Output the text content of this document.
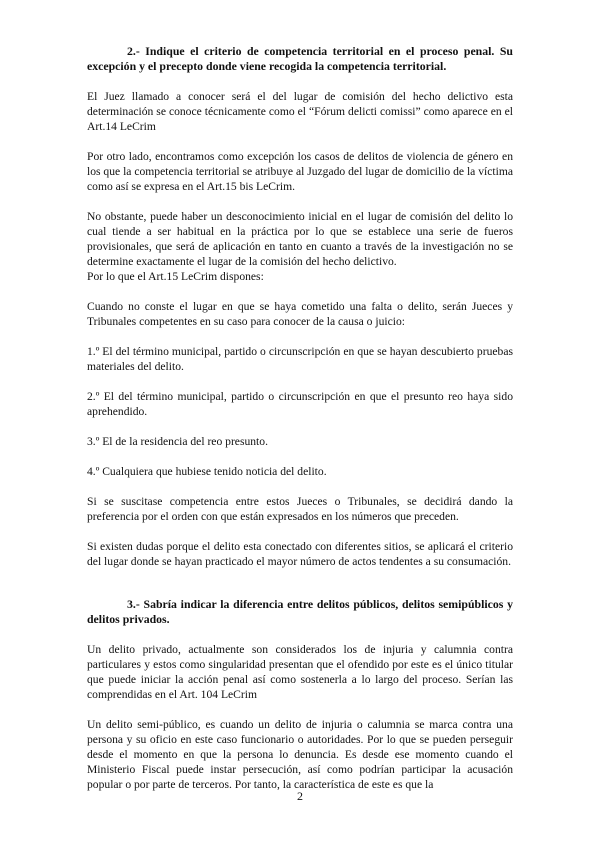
2.- Indique el criterio de competencia territorial en el proceso penal. Su excepción y el precepto donde viene recogida la competencia territorial.

El Juez llamado a conocer será el del lugar de comisión del hecho delictivo esta determinación se conoce técnicamente como el “Fórum delicti comissi” como aparece en el Art.14 LeCrim

Por otro lado, encontramos como excepción los casos de delitos de violencia de género en los que la competencia territorial se atribuye al Juzgado del lugar de domicilio de la víctima como así se expresa en el Art.15 bis LeCrim.

No obstante, puede haber un desconocimiento inicial en el lugar de comisión del delito lo cual tiende a ser habitual en la práctica por lo que se establece una serie de fueros provisionales, que será de aplicación en tanto en cuanto a través de la investigación no se determine exactamente el lugar de la comisión del hecho delictivo.

Por lo que el Art.15 LeCrim dispones:

Cuando no conste el lugar en que se haya cometido una falta o delito, serán Jueces y Tribunales competentes en su caso para conocer de la causa o juicio:

1.º El del término municipal, partido o circunscripción en que se hayan descubierto pruebas materiales del delito.

2.º El del término municipal, partido o circunscripción en que el presunto reo haya sido aprehendido.

3.º El de la residencia del reo presunto.

4.º Cualquiera que hubiese tenido noticia del delito.

Si se suscitase competencia entre estos Jueces o Tribunales, se decidirá dando la preferencia por el orden con que están expresados en los números que preceden.

Si existen dudas porque el delito esta conectado con diferentes sitios, se aplicará el criterio del lugar donde se hayan practicado el mayor número de actos tendentes a su consumación.

3.- Sabría indicar la diferencia entre delitos públicos, delitos semipúblicos y delitos privados.

Un delito privado, actualmente son considerados los de injuria y calumnia contra particulares y estos como singularidad presentan que el ofendido por este es el único titular que puede iniciar la acción penal así como sostenerla a lo largo del proceso. Serían las comprendidas en el Art. 104 LeCrim

Un delito semi-público, es cuando un delito de injuria o calumnia se marca contra una persona y su oficio en este caso funcionario o autoridades. Por lo que se pueden perseguir desde el momento en que la persona lo denuncia. Es desde ese momento cuando el Ministerio Fiscal puede instar persecución, así como podrían participar la acusación popular o por parte de terceros. Por tanto, la característica de este es que la

2
